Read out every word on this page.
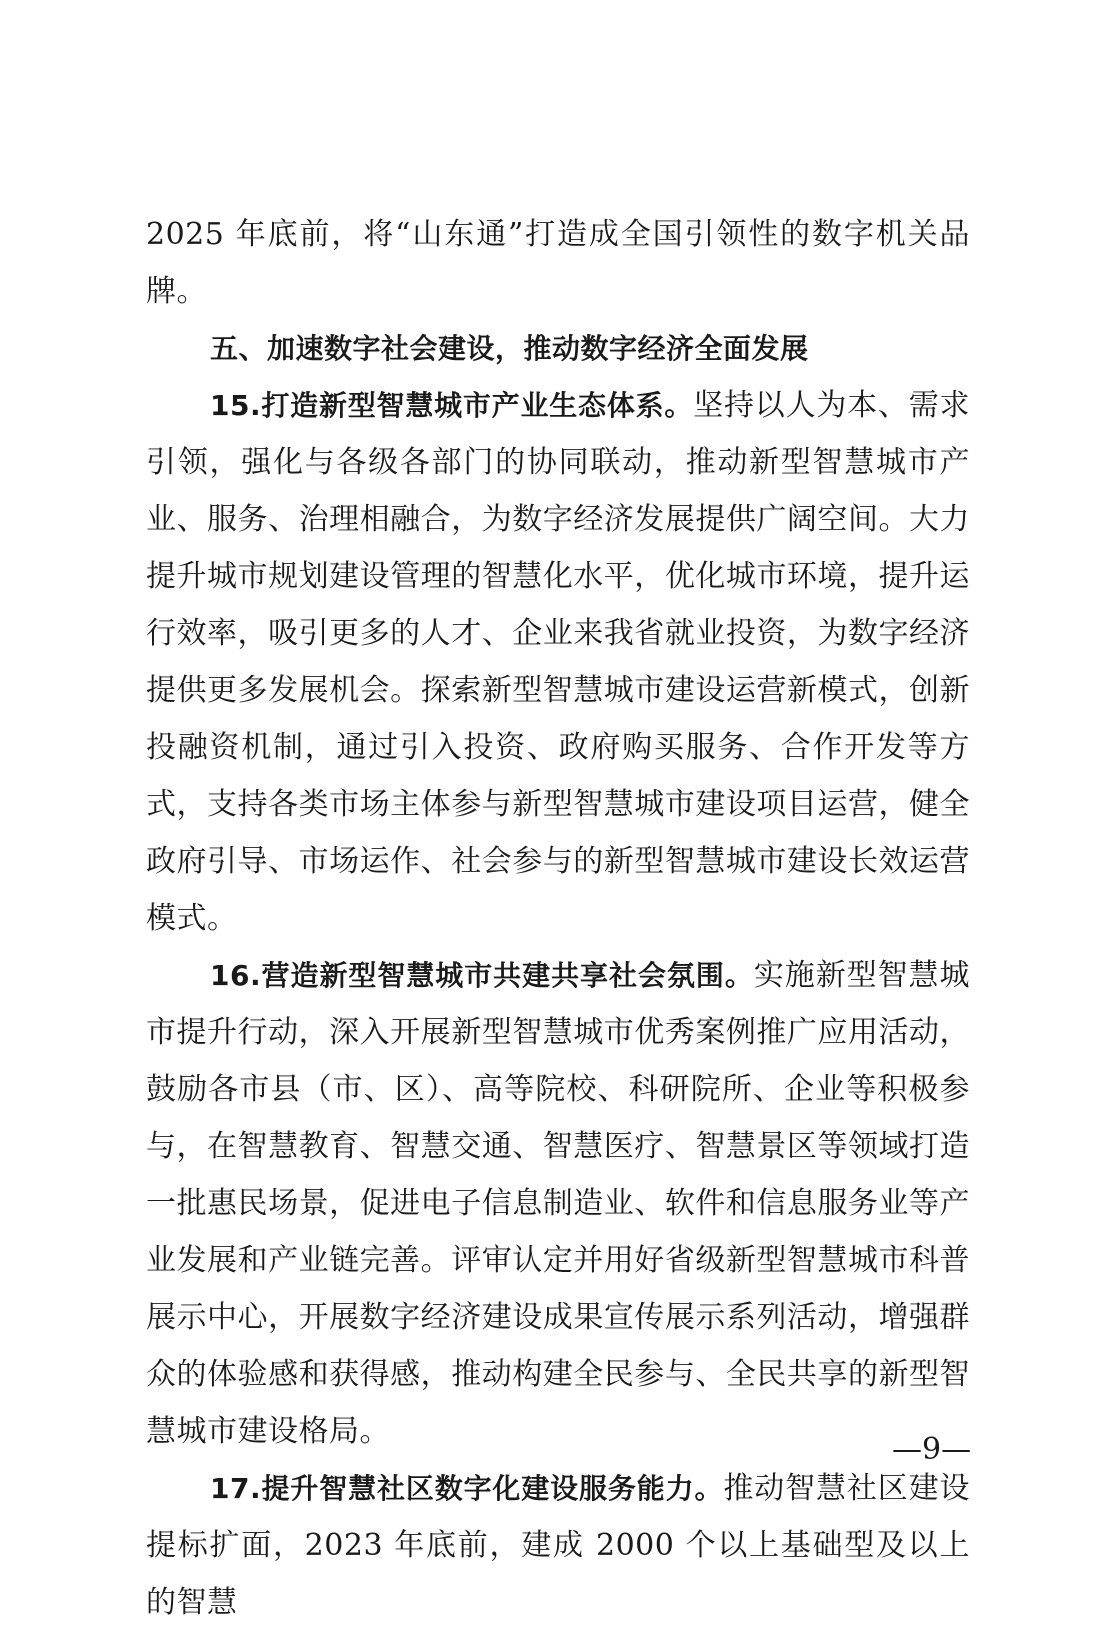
2025 年底前，将“山东通”打造成全国引领性的数字机关品牌。

五、加速数字社会建设，推动数字经济全面发展

15.打造新型智慧城市产业生态体系。坚持以人为本、需求引领，强化与各级各部门的协同联动，推动新型智慧城市产业、服务、治理相融合，为数字经济发展提供广阔空间。大力提升城市规划建设管理的智慧化水平，优化城市环境，提升运行效率，吸引更多的人才、企业来我省就业投资，为数字经济提供更多发展机会。探索新型智慧城市建设运营新模式，创新投融资机制，通过引入投资、政府购买服务、合作开发等方式，支持各类市场主体参与新型智慧城市建设项目运营，健全政府引导、市场运作、社会参与的新型智慧城市建设长效运营模式。

16.营造新型智慧城市共建共享社会氛围。实施新型智慧城市提升行动，深入开展新型智慧城市优秀案例推广应用活动，鼓励各市县（市、区）、高等院校、科研院所、企业等积极参与，在智慧教育、智慧交通、智慧医疗、智慧景区等领域打造一批惠民场景，促进电子信息制造业、软件和信息服务业等产业发展和产业链完善。评审认定并用好省级新型智慧城市科普展示中心，开展数字经济建设成果宣传展示系列活动，增强群众的体验感和获得感，推动构建全民参与、全民共享的新型智慧城市建设格局。

17.提升智慧社区数字化建设服务能力。推动智慧社区建设提标扩面，2023 年底前，建成 2000 个以上基础型及以上的智慧

—9—
